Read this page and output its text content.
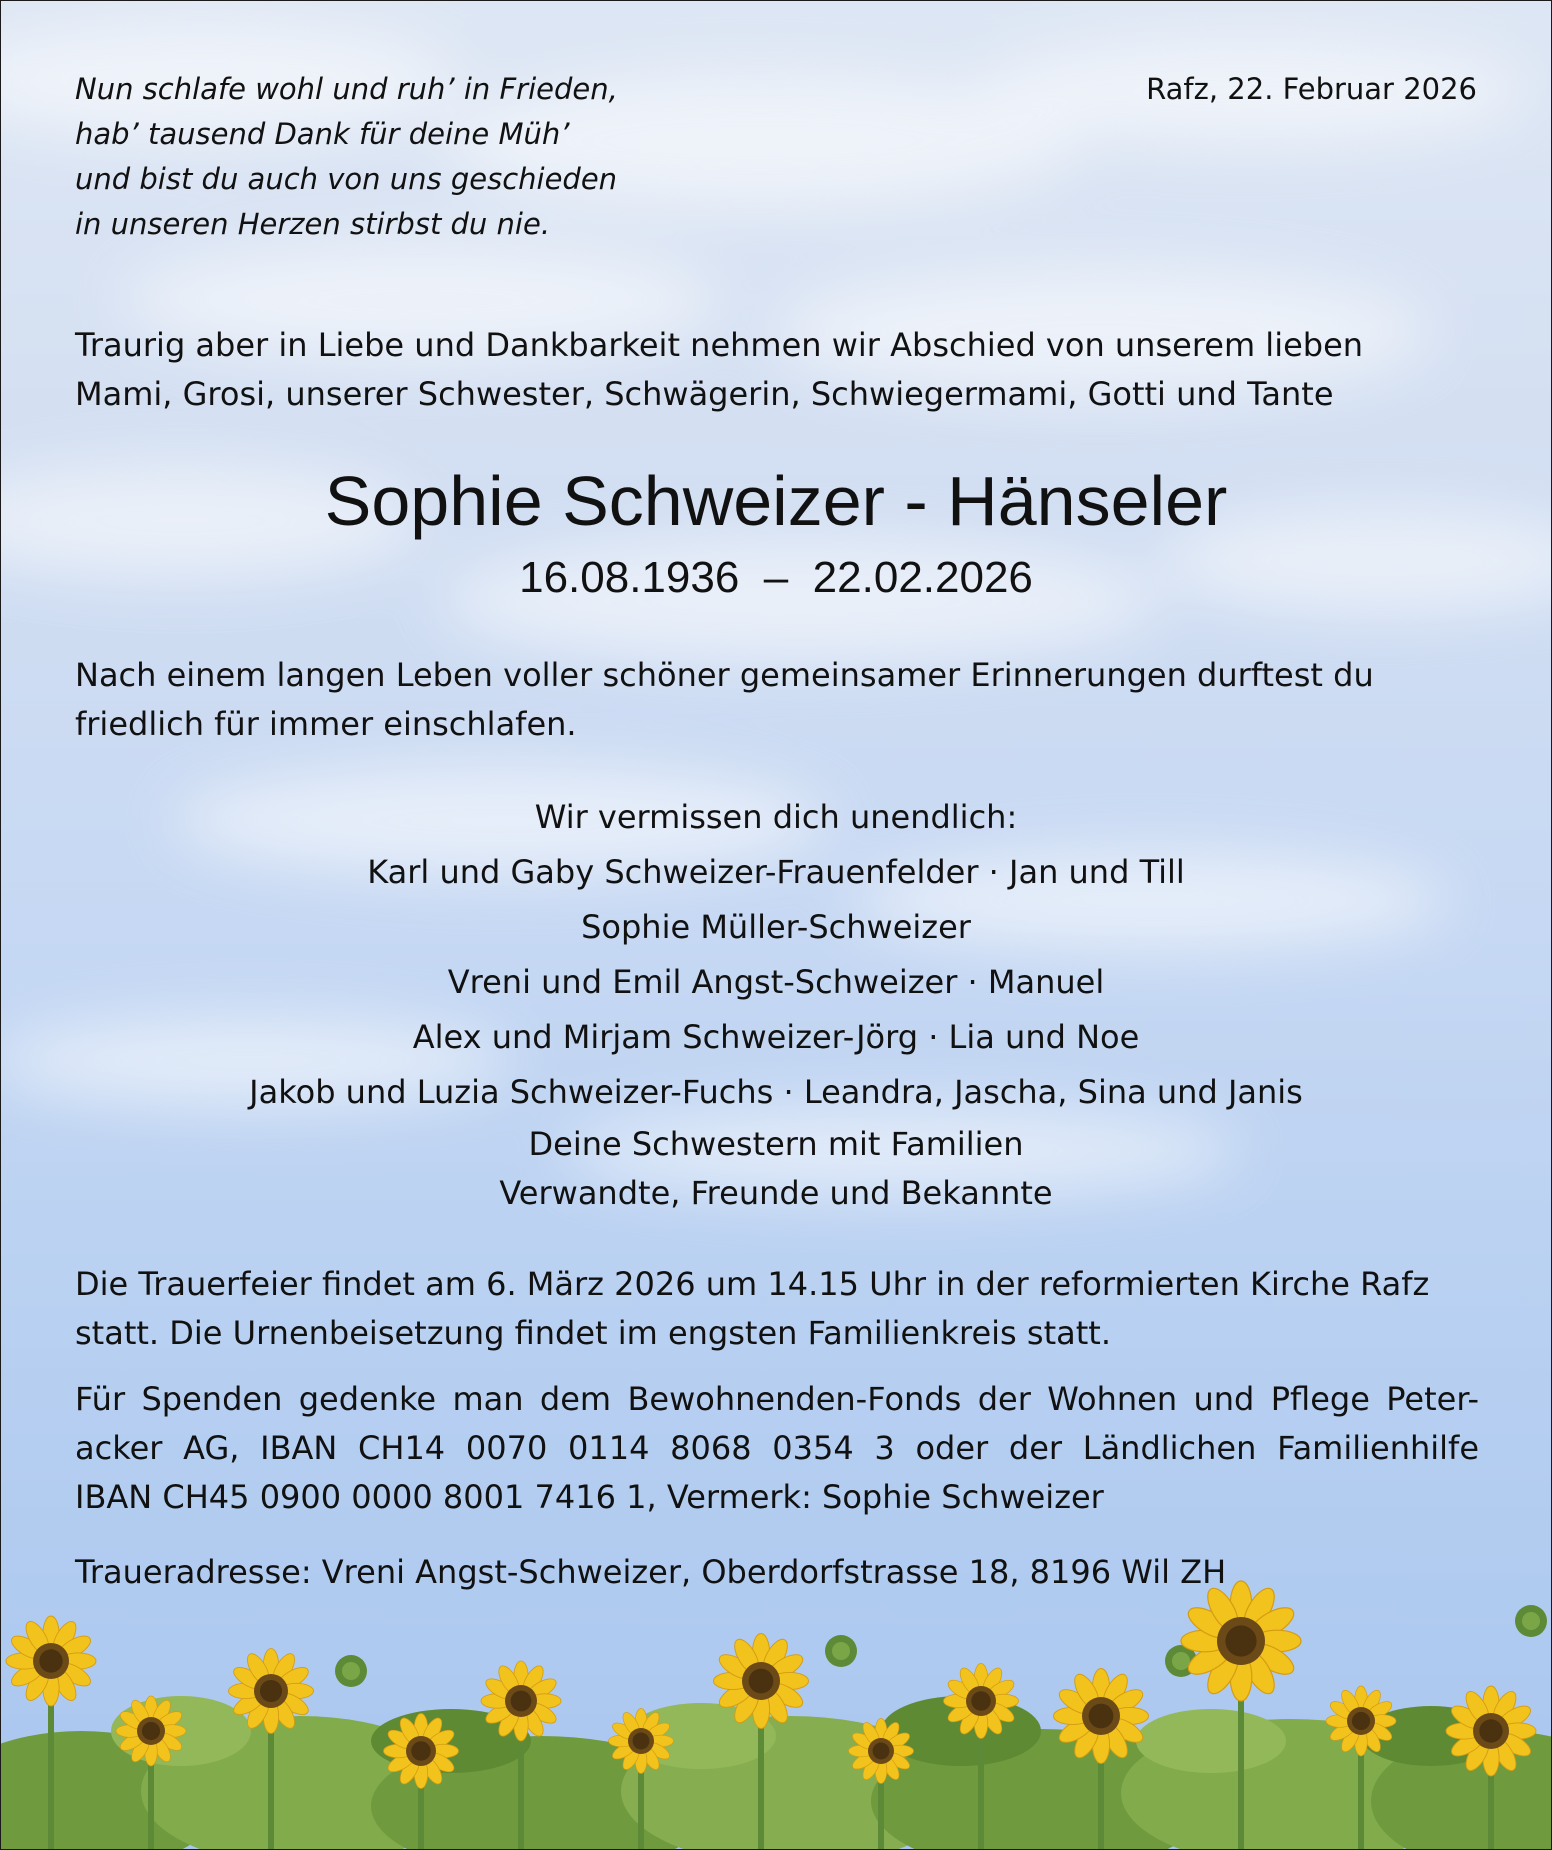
Nun schlafe wohl und ruh’ in Frieden,
hab’ tausend Dank für deine Müh’
und bist du auch von uns geschieden
in unseren Herzen stirbst du nie.
Rafz, 22. Februar 2026
Traurig aber in Liebe und Dankbarkeit nehmen wir Abschied von unserem lieben
Mami, Grosi, unserer Schwester, Schwägerin, Schwiegermami, Gotti und Tante
Sophie Schweizer - Hänseler
16.08.1936  –  22.02.2026
Nach einem langen Leben voller schöner gemeinsamer Erinnerungen durftest du
friedlich für immer einschlafen.
Wir vermissen dich unendlich:
Karl und Gaby Schweizer-Frauenfelder · Jan und Till
Sophie Müller-Schweizer
Vreni und Emil Angst-Schweizer · Manuel
Alex und Mirjam Schweizer-Jörg · Lia und Noe
Jakob und Luzia Schweizer-Fuchs · Leandra, Jascha, Sina und Janis
Deine Schwestern mit Familien
Verwandte, Freunde und Bekannte
Die Trauerfeier findet am 6. März 2026 um 14.15 Uhr in der reformierten Kirche Rafz
statt. Die Urnenbeisetzung findet im engsten Familienkreis statt.
Für Spenden gedenke man dem Bewohnenden-Fonds der Wohnen und Pflege Peter-
acker AG, IBAN CH14 0070 0114 8068 0354 3 oder der Ländlichen Familienhilfe
IBAN CH45 0900 0000 8001 7416 1, Vermerk: Sophie Schweizer
Traueradresse: Vreni Angst-Schweizer, Oberdorfstrasse 18, 8196 Wil ZH
